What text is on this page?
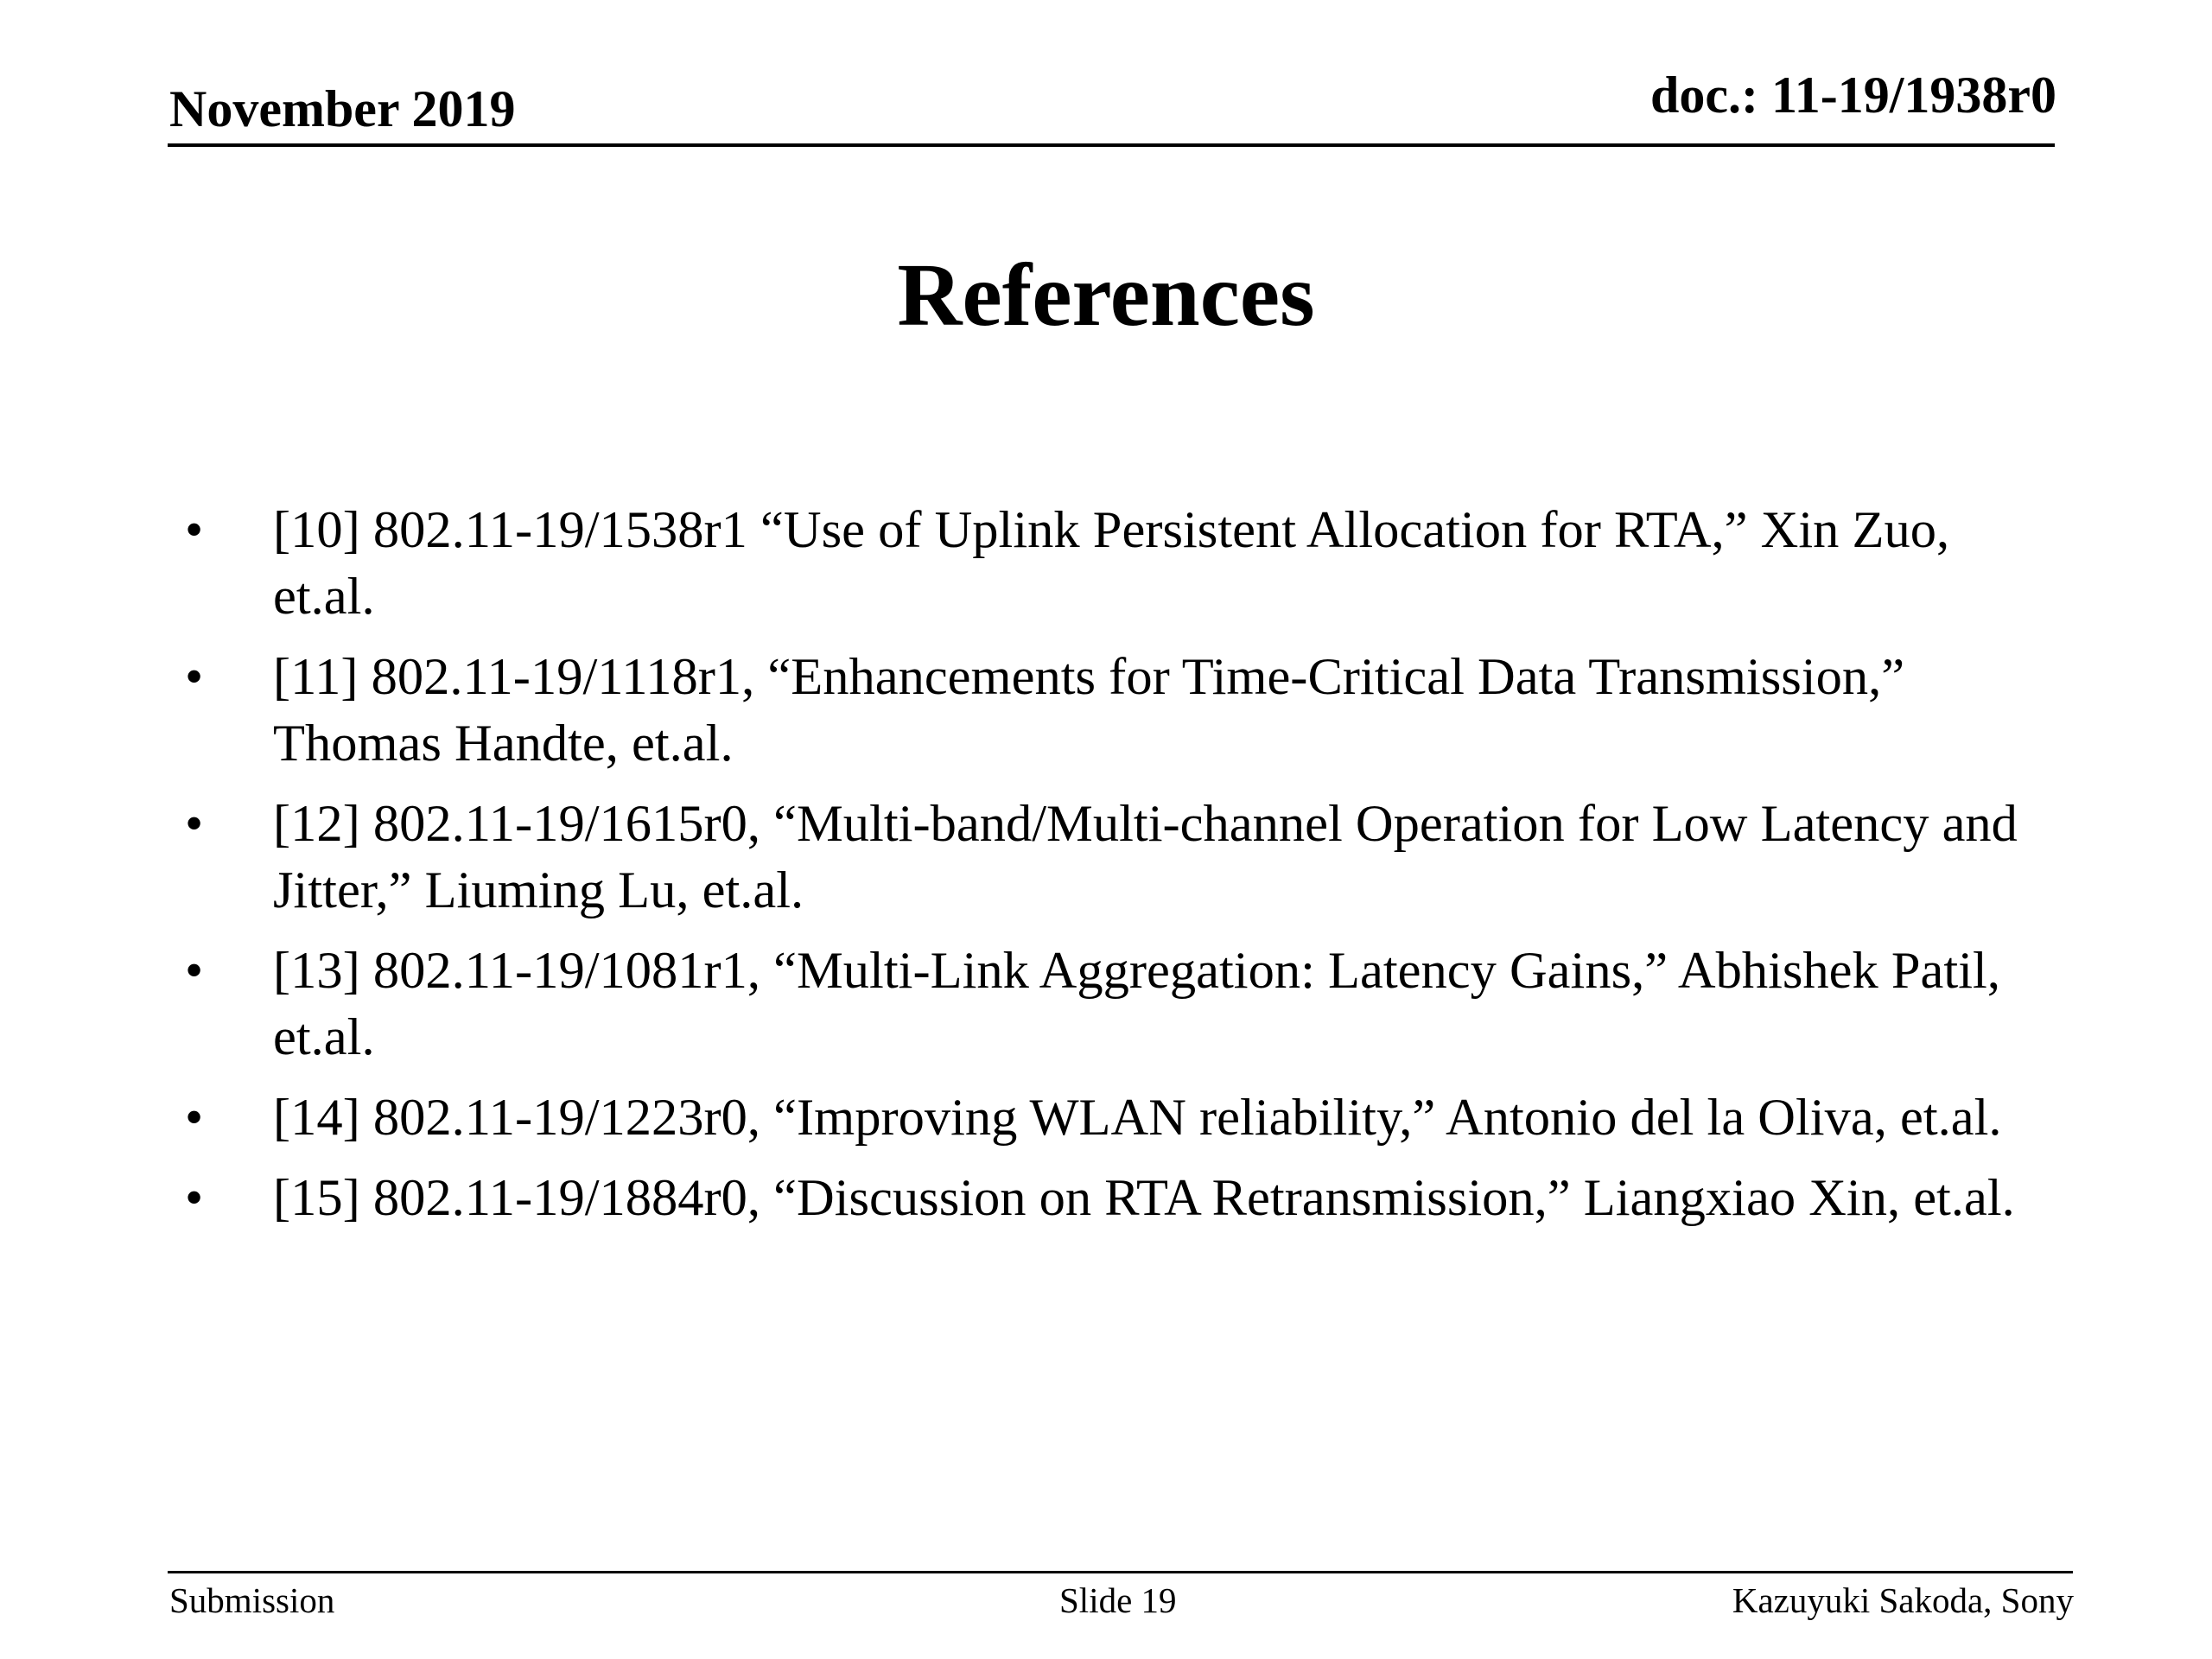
November 2019	doc.: 11-19/1938r0
References
•	[10] 802.11-19/1538r1 “Use of Uplink Persistent Allocation for RTA,” Xin Zuo, et.al.
•	[11] 802.11-19/1118r1, “Enhancements for Time-Critical Data Transmission,” Thomas Handte, et.al.
•	[12] 802.11-19/1615r0, “Multi-band/Multi-channel Operation for Low Latency and Jitter,” Liuming Lu, et.al.
•	[13] 802.11-19/1081r1, “Multi-Link Aggregation: Latency Gains,” Abhishek Patil, et.al.
•	[14] 802.11-19/1223r0, “Improving WLAN reliability,” Antonio del la Oliva, et.al.
•	[15] 802.11-19/1884r0, “Discussion on RTA Retransmission,” Liangxiao Xin, et.al.
Submission	Slide 19	Kazuyuki Sakoda, Sony
